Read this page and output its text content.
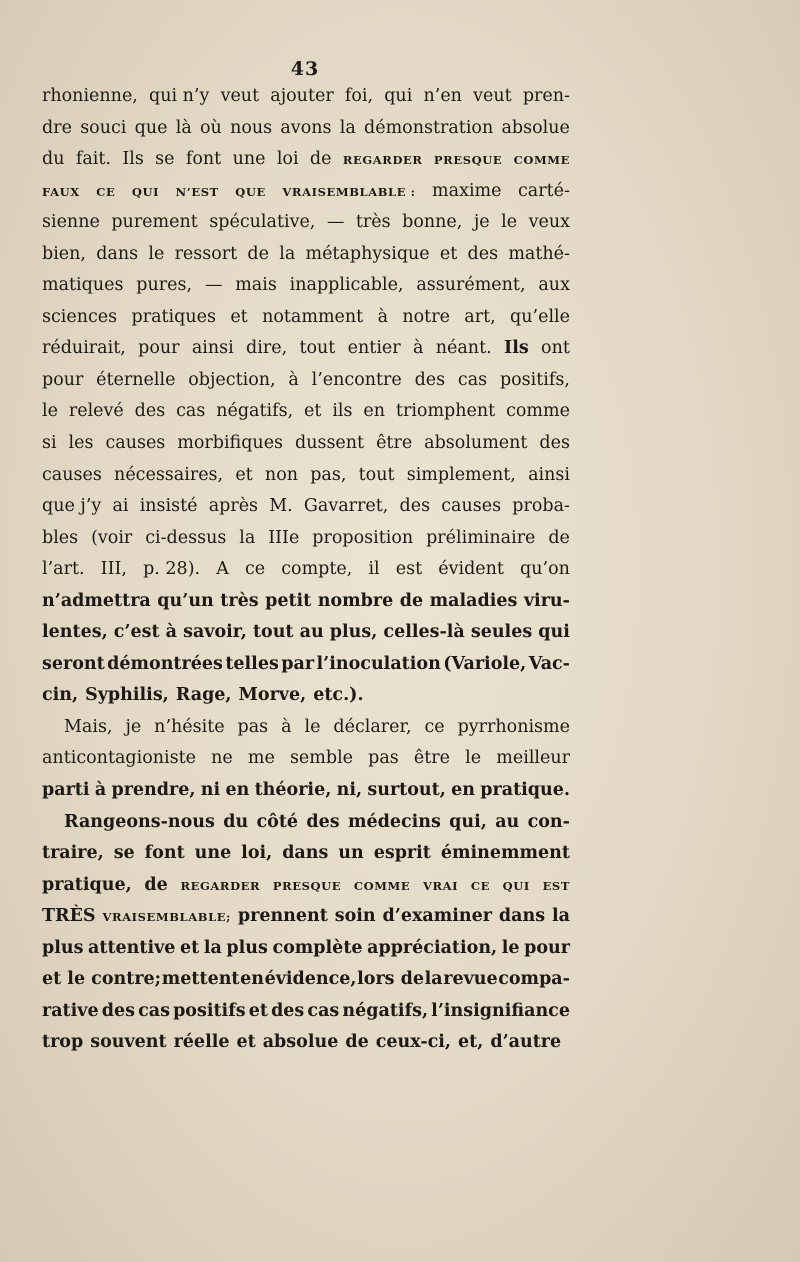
43
rhonienne, qui n’y veut ajouter foi, qui n’en veut pren-
dre souci que là où nous avons la démonstration absolue
du fait. Ils se font une loi de REGARDER PRESQUE COMME
FAUX CE QUI N’EST QUE VRAISEMBLABLE : maxime carté-
sienne purement spéculative, — très bonne, je le veux
bien, dans le ressort de la métaphysique et des mathé-
matiques pures, — mais inapplicable, assurément, aux
sciences pratiques et notamment à notre art, qu’elle
réduirait, pour ainsi dire, tout entier à néant. Ils ont
pour éternelle objection, à l’encontre des cas positifs,
le relevé des cas négatifs, et ils en triomphent comme
si les causes morbifiques dussent être absolument des
causes nécessaires, et non pas, tout simplement, ainsi
que j’y ai insisté après M. Gavarret, des causes proba-
bles (voir ci-dessus la IIIe proposition préliminaire de
l’art. III, p. 28). A ce compte, il est évident qu’on
n’admettra qu’un très petit nombre de maladies viru-
lentes, c’est à savoir, tout au plus, celles-là seules qui
seront démontrées telles par l’inoculation (Variole, Vac-
cin, Syphilis, Rage, Morve, etc.).
Mais, je n’hésite pas à le déclarer, ce pyrrhonisme
anticontagioniste ne me semble pas être le meilleur
parti à prendre, ni en théorie, ni, surtout, en pratique.
Rangeons-nous du côté des médecins qui, au con-
traire, se font une loi, dans un esprit éminemment
pratique, de REGARDER PRESQUE COMME VRAI CE QUI EST
TRÈS VRAISEMBLABLE; prennent soin d’examiner dans la
plus attentive et la plus complète appréciation, le pour
et le contre; mettent en évidence, lors de la revue compa-
rative des cas positifs et des cas négatifs, l’insignifiance
trop souvent réelle et absolue de ceux-ci, et, d’autre
